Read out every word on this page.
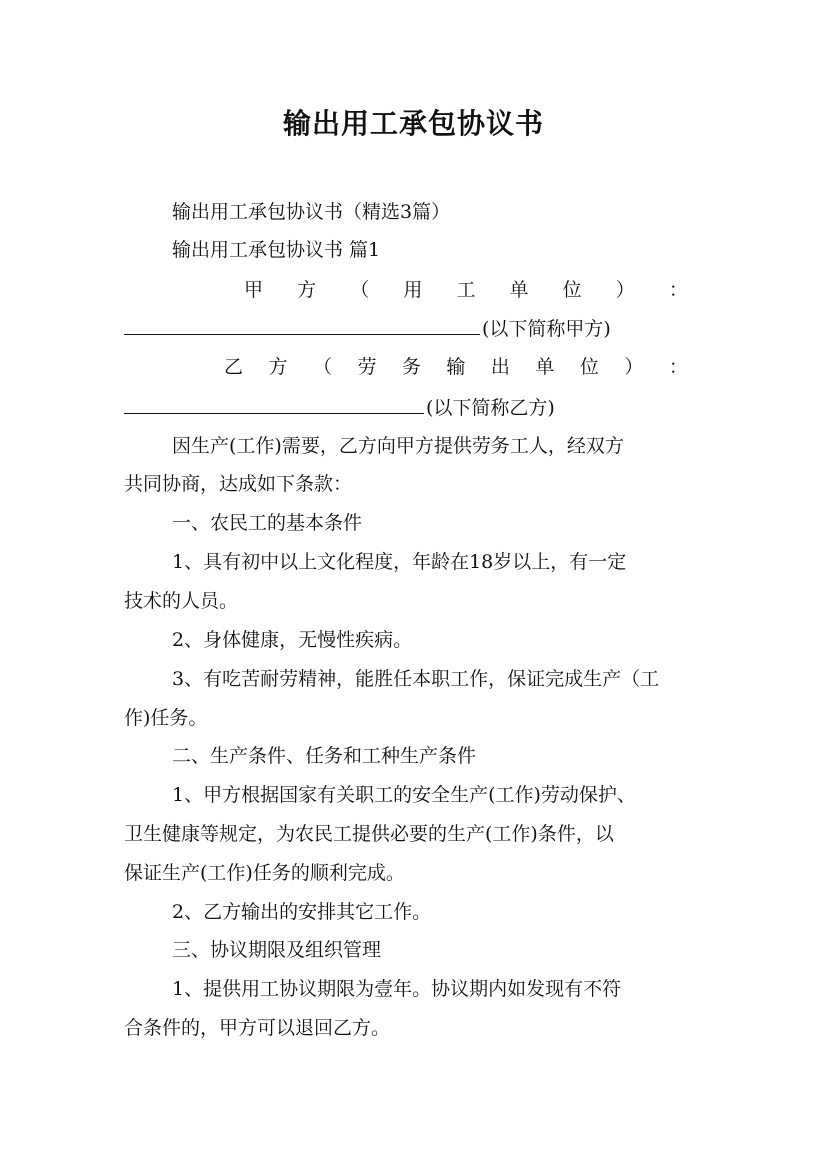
输出用工承包协议书
输出用工承包协议书（精选3篇）
输出用工承包协议书 篇1
甲 方 （ 用 工 单 位 ） ：
(以下简称甲方)
乙 方 （ 劳 务 输 出 单 位 ） ：
(以下简称乙方)
因生产(工作)需要，乙方向甲方提供劳务工人，经双方
共同协商，达成如下条款：
一、农民工的基本条件
1、具有初中以上文化程度，年龄在18岁以上，有一定
技术的人员。
2、身体健康，无慢性疾病。
3、有吃苦耐劳精神，能胜任本职工作，保证完成生产（工
作)任务。
二、生产条件、任务和工种生产条件
1、甲方根据国家有关职工的安全生产(工作)劳动保护、
卫生健康等规定，为农民工提供必要的生产(工作)条件，以
保证生产(工作)任务的顺利完成。
2、乙方输出的安排其它工作。
三、协议期限及组织管理
1、提供用工协议期限为壹年。协议期内如发现有不符
合条件的，甲方可以退回乙方。
